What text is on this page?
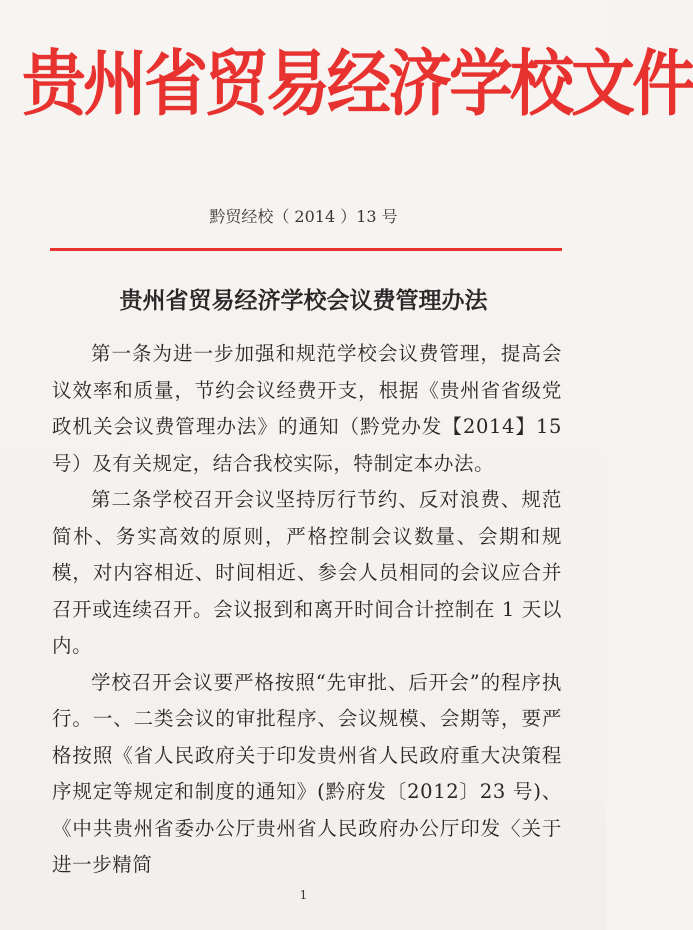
贵州省贸易经济学校文件
黔贸经校（ 2014 ）13 号
贵州省贸易经济学校会议费管理办法

第一条为进一步加强和规范学校会议费管理，提高会议效率和质量，节约会议经费开支，根据《贵州省省级党政机关会议费管理办法》的通知（黔党办发【2014】15 号）及有关规定，结合我校实际，特制定本办法。

第二条学校召开会议坚持厉行节约、反对浪费、规范简朴、务实高效的原则，严格控制会议数量、会期和规模，对内容相近、时间相近、参会人员相同的会议应合并召开或连续召开。会议报到和离开时间合计控制在 1 天以内。

学校召开会议要严格按照“先审批、后开会”的程序执行。一、二类会议的审批程序、会议规模、会期等，要严格按照《省人民政府关于印发贵州省人民政府重大决策程序规定等规定和制度的通知》(黔府发〔2012〕23 号)、《中共贵州省委办公厅贵州省人民政府办公厅印发〈关于进一步精简

1
